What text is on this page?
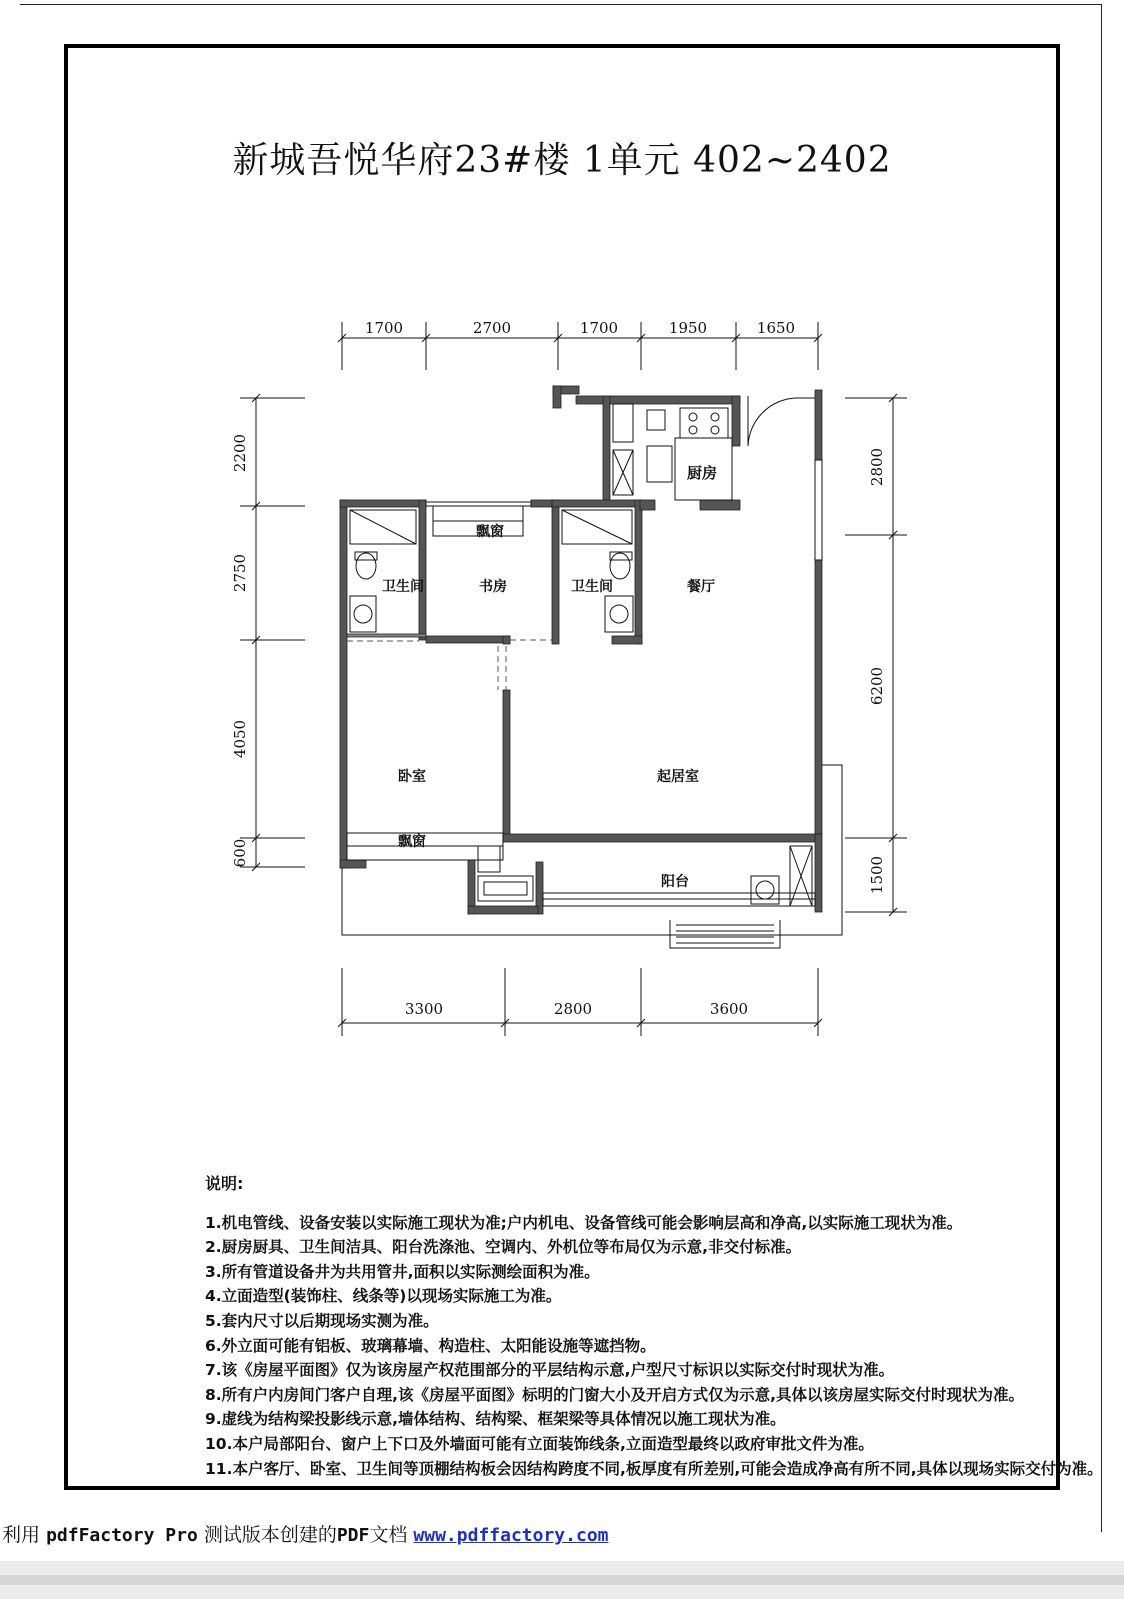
新城吾悦华府23#楼 1单元 402~2402
1700	2700	1700	1950	1650
3300	2800	3600
2200
2750
4050
600
2800
6200
1500
厨房
飘窗
卫生间	书房	卫生间	餐厅
卧室	起居室
飘窗
阳台
说明:
1.机电管线、设备安装以实际施工现状为准;户内机电、设备管线可能会影响层高和净高,以实际施工现状为准。
2.厨房厨具、卫生间洁具、阳台洗涤池、空调内、外机位等布局仅为示意,非交付标准。
3.所有管道设备井为共用管井,面积以实际测绘面积为准。
4.立面造型(装饰柱、线条等)以现场实际施工为准。
5.套内尺寸以后期现场实测为准。
6.外立面可能有铝板、玻璃幕墙、构造柱、太阳能设施等遮挡物。
7.该《房屋平面图》仅为该房屋产权范围部分的平层结构示意,户型尺寸标识以实际交付时现状为准。
8.所有户内房间门客户自理,该《房屋平面图》标明的门窗大小及开启方式仅为示意,具体以该房屋实际交付时现状为准。
9.虚线为结构梁投影线示意,墙体结构、结构梁、框架梁等具体情况以施工现状为准。
10.本户局部阳台、窗户上下口及外墙面可能有立面装饰线条,立面造型最终以政府审批文件为准。
11.本户客厅、卧室、卫生间等顶棚结构板会因结构跨度不同,板厚度有所差别,可能会造成净高有所不同,具体以现场实际交付为准。
利用 pdfFactory Pro 测试版本创建的PDF文档 www.pdffactory.com
